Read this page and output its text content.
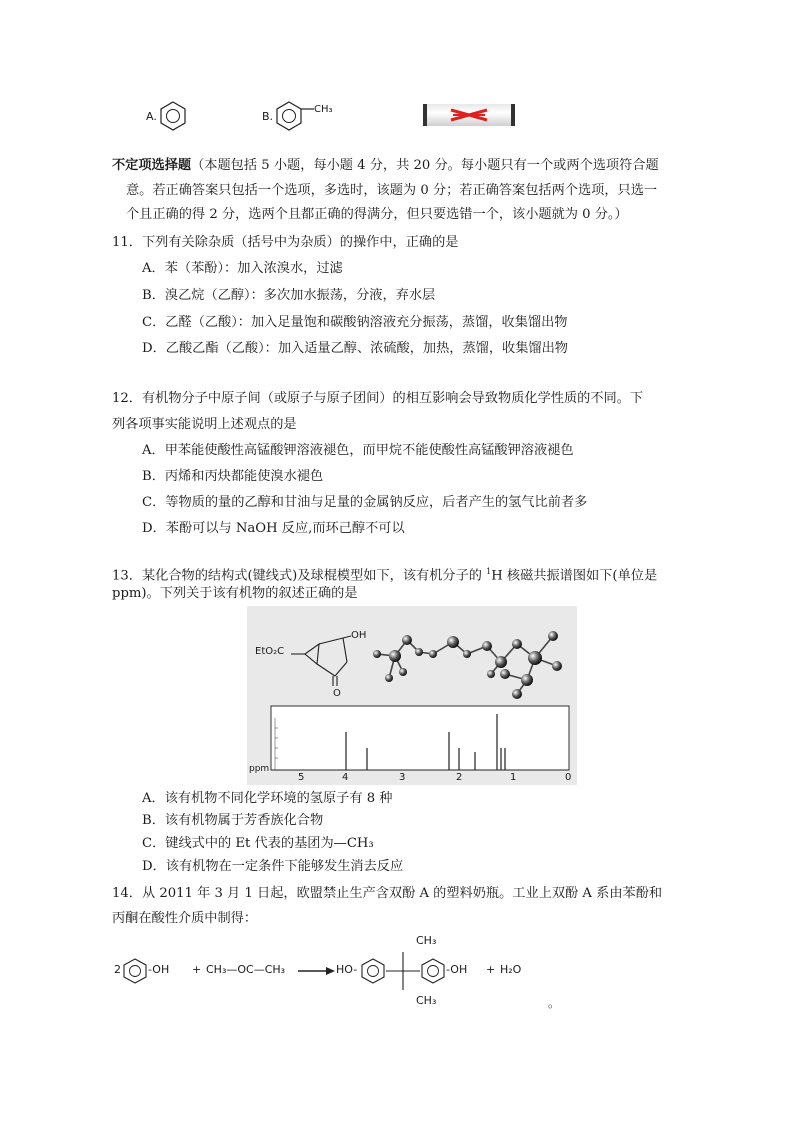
A.	B.
CH₃
不定项选择题（本题包括 5 小题，每小题 4 分，共 20 分。每小题只有一个或两个选项符合题
意。若正确答案只包括一个选项，多选时，该题为 0 分；若正确答案包括两个选项，只选一
个且正确的得 2 分，选两个且都正确的得满分，但只要选错一个，该小题就为 0 分。）
11．下列有关除杂质（括号中为杂质）的操作中，正确的是
A．苯（苯酚）：加入浓溴水，过滤
B．溴乙烷（乙醇）：多次加水振荡，分液，弃水层
C．乙醛（乙酸）：加入足量饱和碳酸钠溶液充分振荡，蒸馏，收集馏出物
D．乙酸乙酯（乙酸）：加入适量乙醇、浓硫酸，加热，蒸馏，收集馏出物
12．有机物分子中原子间（或原子与原子团间）的相互影响会导致物质化学性质的不同。下
列各项事实能说明上述观点的是
A．甲苯能使酸性高锰酸钾溶液褪色，而甲烷不能使酸性高锰酸钾溶液褪色
B．丙烯和丙炔都能使溴水褪色
C．等物质的量的乙醇和甘油与足量的金属钠反应，后者产生的氢气比前者多
D．苯酚可以与 NaOH 反应,而环己醇不可以
13．某化合物的结构式(键线式)及球棍模型如下，该有机分子的 $^1$H 核磁共振谱图如下(单位是
ppm)。下列关于该有机物的叙述正确的是
EtO₂C
OH
O
ppm
5	4	3	2	1	0
A．该有机物不同化学环境的氢原子有 8 种
B．该有机物属于芳香族化合物
C．键线式中的 Et 代表的基团为—CH₃
D．该有机物在一定条件下能够发生消去反应
14．从 2011 年 3 月 1 日起，欧盟禁止生产含双酚 A 的塑料奶瓶。工业上双酚 A 系由苯酚和
丙酮在酸性介质中制得：
2 -OH + CH₃—OC—CH₃ → HO-
CH₃
CH₃
-OH + H₂O
。
